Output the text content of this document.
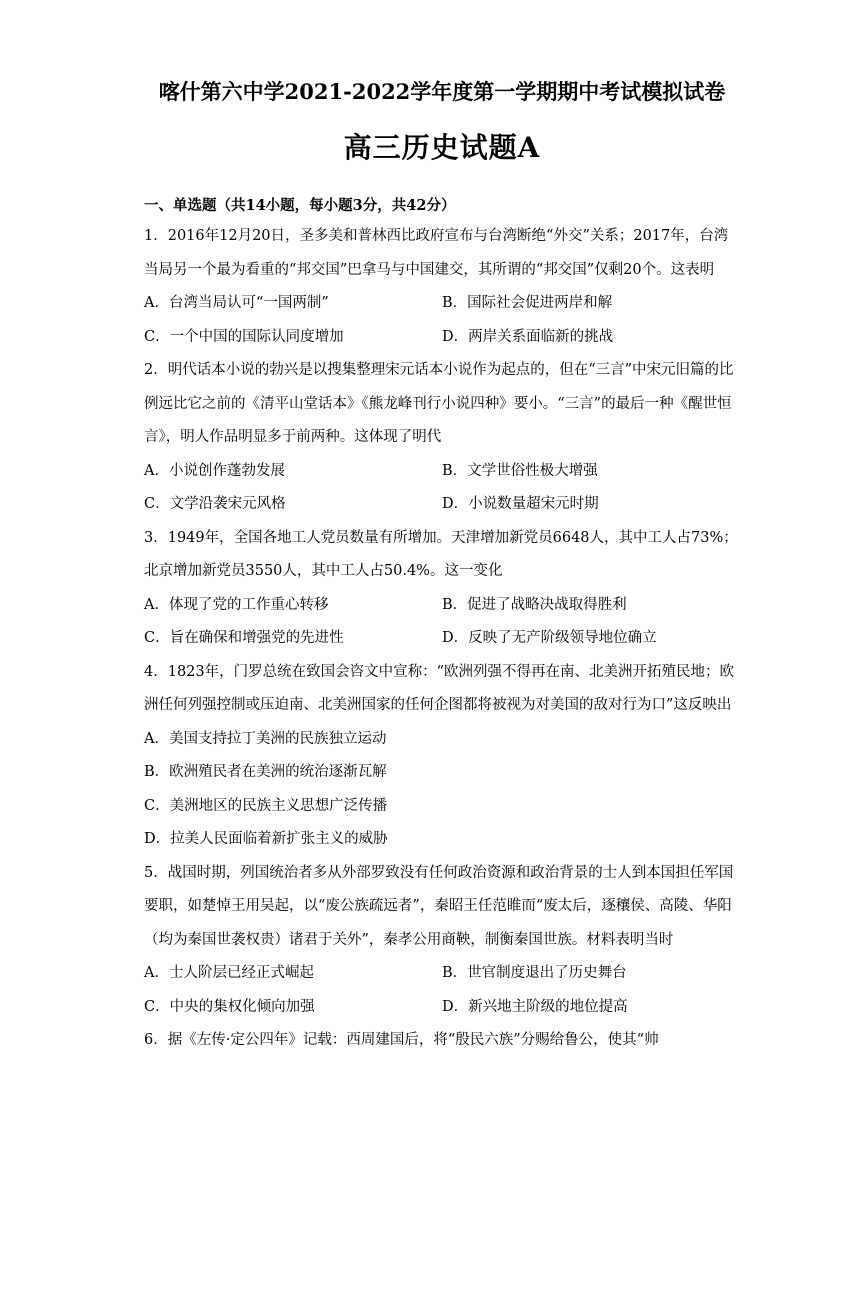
喀什第六中学2021-2022学年度第一学期期中考试模拟试卷
高三历史试题A
一、单选题（共14小题，每小题3分，共42分）

1．2016年12月20日，圣多美和普林西比政府宣布与台湾断绝“外交”关系；2017年，台湾当局另一个最为看重的“邦交国”巴拿马与中国建交，其所谓的“邦交国”仅剩20个。这表明

A．台湾当局认可“一国两制”	B．国际社会促进两岸和解
C．一个中国的国际认同度增加	D．两岸关系面临新的挑战

2．明代话本小说的勃兴是以搜集整理宋元话本小说作为起点的，但在“三言”中宋元旧篇的比例远比它之前的《清平山堂话本》《熊龙峰刊行小说四种》要小。“三言”的最后一种《醒世恒言》，明人作品明显多于前两种。这体现了明代

A．小说创作蓬勃发展	B．文学世俗性极大增强
C．文学沿袭宋元风格	D．小说数量超宋元时期

3．1949年，全国各地工人党员数量有所增加。天津增加新党员6648人，其中工人占73%；北京增加新党员3550人，其中工人占50.4%。这一变化

A．体现了党的工作重心转移	B．促进了战略决战取得胜利
C．旨在确保和增强党的先进性	D．反映了无产阶级领导地位确立

4．1823年，门罗总统在致国会咨文中宣称：“欧洲列强不得再在南、北美洲开拓殖民地；欧洲任何列强控制或压迫南、北美洲国家的任何企图都将被视为对美国的敌对行为口”这反映出

A．美国支持拉丁美洲的民族独立运动
B．欧洲殖民者在美洲的统治逐渐瓦解
C．美洲地区的民族主义思想广泛传播
D．拉美人民面临着新扩张主义的威胁

5．战国时期，列国统治者多从外部罗致没有任何政治资源和政治背景的士人到本国担任军国要职，如楚悼王用吴起，以“废公族疏远者”，秦昭王任范睢而“废太后，逐穰侯、高陵、华阳（均为秦国世袭权贵）诸君于关外”，秦孝公用商鞅，制衡秦国世族。材料表明当时

A．士人阶层已经正式崛起	B．世官制度退出了历史舞台
C．中央的集权化倾向加强	D．新兴地主阶级的地位提高

6．据《左传·定公四年》记载：西周建国后，将“殷民六族”分赐给鲁公，使其“帅
